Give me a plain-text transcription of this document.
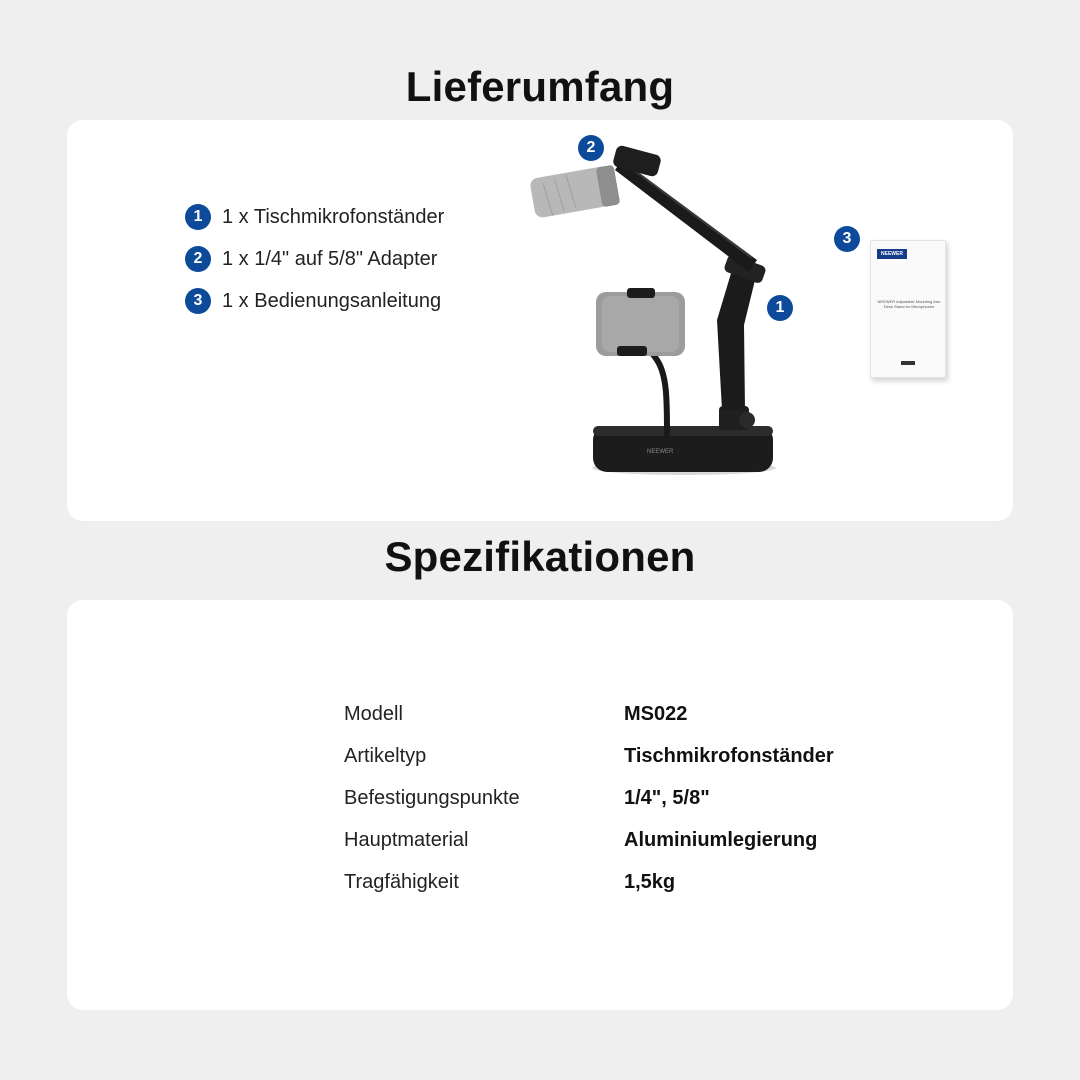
Lieferumfang
1 1 x Tischmikrofonständer
2 1 x 1/4" auf 5/8" Adapter
3 1 x Bedienungsanleitung
NEEWER
2
1
3
NEEWER
NEEWER Adjustable Mounting Arm Desk Stand for Microphones
Spezifikationen
Modell	MS022
Artikeltyp	Tischmikrofonständer
Befestigungspunkte	1/4", 5/8"
Hauptmaterial	Aluminiumlegierung
Tragfähigkeit	1,5kg
